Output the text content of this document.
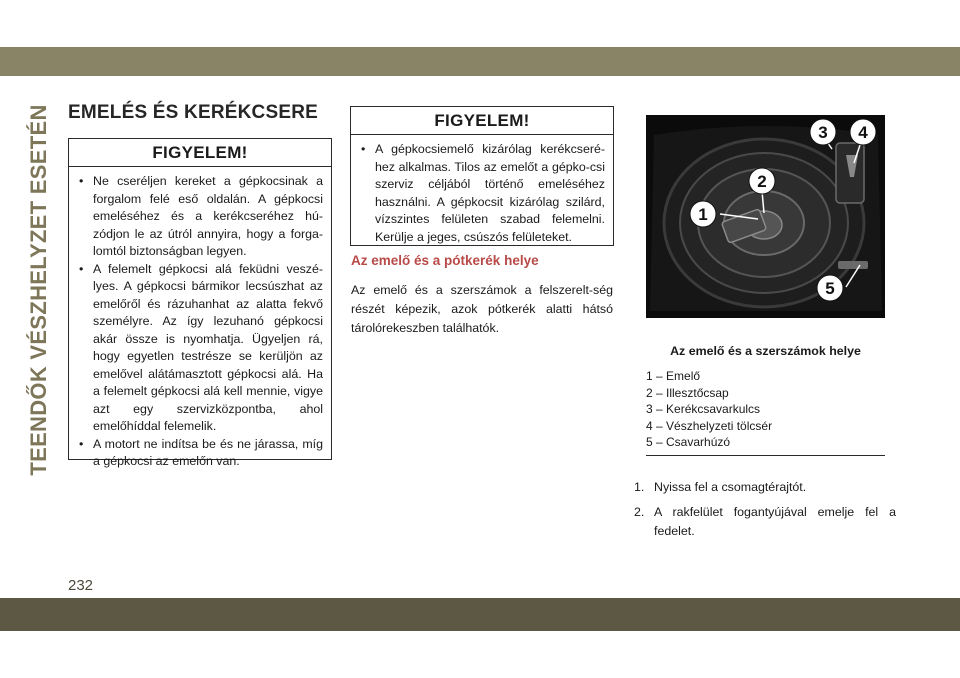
TEENDŐK VÉSZHELYZET ESETÉN EMELÉS ÉS KERÉKCSERE
FIGYELEM!
• Ne cseréljen kereket a gépkocsinak a forgalom felé eső oldalán. A gépkocsi emeléséhez és a kerékcseréhez hú-zódjon le az útról annyira, hogy a forga-lomtól biztonságban legyen.
• A felemelt gépkocsi alá feküdni veszé-lyes. A gépkocsi bármikor lecsúszhat az emelőről és rázuhanhat az alatta fekvő személyre. Az így lezuhanó gépkocsi akár össze is nyomhatja. Ügyeljen rá, hogy egyetlen testrésze se kerüljön az emelővel alátámasztott gépkocsi alá. Ha a felemelt gépkocsi alá kell mennie, vigye azt egy szervizközpontba, ahol emelőhíddal felemelik.
• A motort ne indítsa be és ne járassa, míg a gépkocsi az emelőn van.
FIGYELEM!
• A gépkocsiemelő kizárólag kerékcseré-hez alkalmas. Tilos az emelőt a gépko-csi szerviz céljából történő emeléséhez használni. A gépkocsit kizárólag szilárd, vízszintes felületen szabad felemelni. Kerülje a jeges, csúszós felületeket.
Az emelő és a pótkerék helye
Az emelő és a szerszámok a felszerelt-ség részét képezik, azok pótkerék alatti hátsó tárolórekeszben találhatók.
1
2
3 4
5
Az emelő és a szerszámok helye
1 – Emelő
2 – Illesztőcsap
3 – Kerékcsavarkulcs
4 – Vészhelyzeti tölcsér
5 – Csavarhúzó
1. Nyissa fel a csomagtérajtót.
2. A rakfelület fogantyújával emelje fel a fedelet.
232
